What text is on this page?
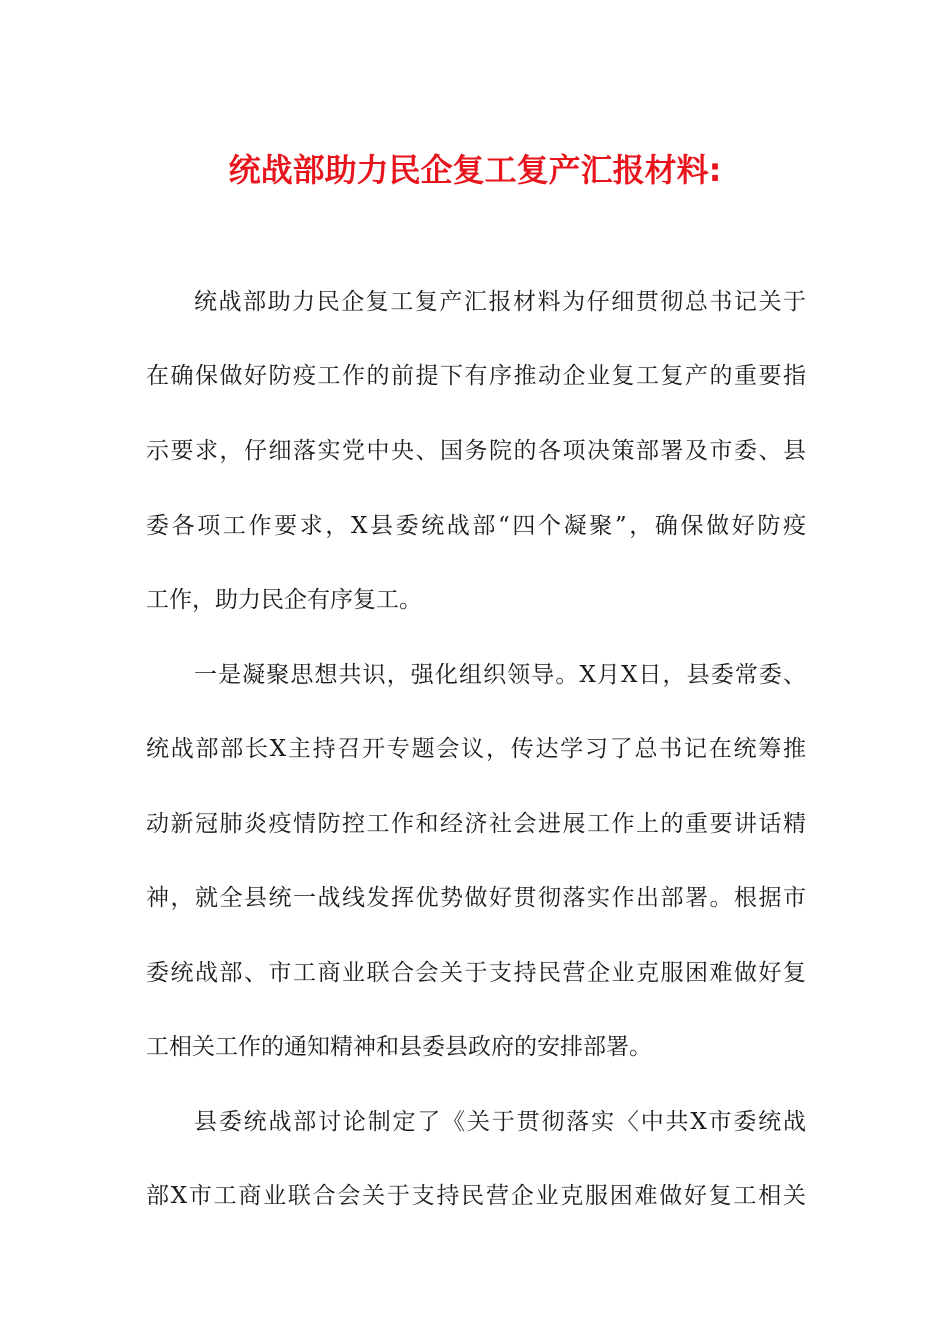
统战部助力民企复工复产汇报材料:
统战部助力民企复工复产汇报材料为仔细贯彻总书记关于
在确保做好防疫工作的前提下有序推动企业复工复产的重要指
示要求，仔细落实党中央、国务院的各项决策部署及市委、县
委各项工作要求，X县委统战部“四个凝聚”，确保做好防疫
工作，助力民企有序复工。
一是凝聚思想共识，强化组织领导。X月X日，县委常委、
统战部部长X主持召开专题会议，传达学习了总书记在统筹推
动新冠肺炎疫情防控工作和经济社会进展工作上的重要讲话精
神，就全县统一战线发挥优势做好贯彻落实作出部署。根据市
委统战部、市工商业联合会关于支持民营企业克服困难做好复
工相关工作的通知精神和县委县政府的安排部署。
县委统战部讨论制定了《关于贯彻落实〈中共X市委统战
部X市工商业联合会关于支持民营企业克服困难做好复工相关
